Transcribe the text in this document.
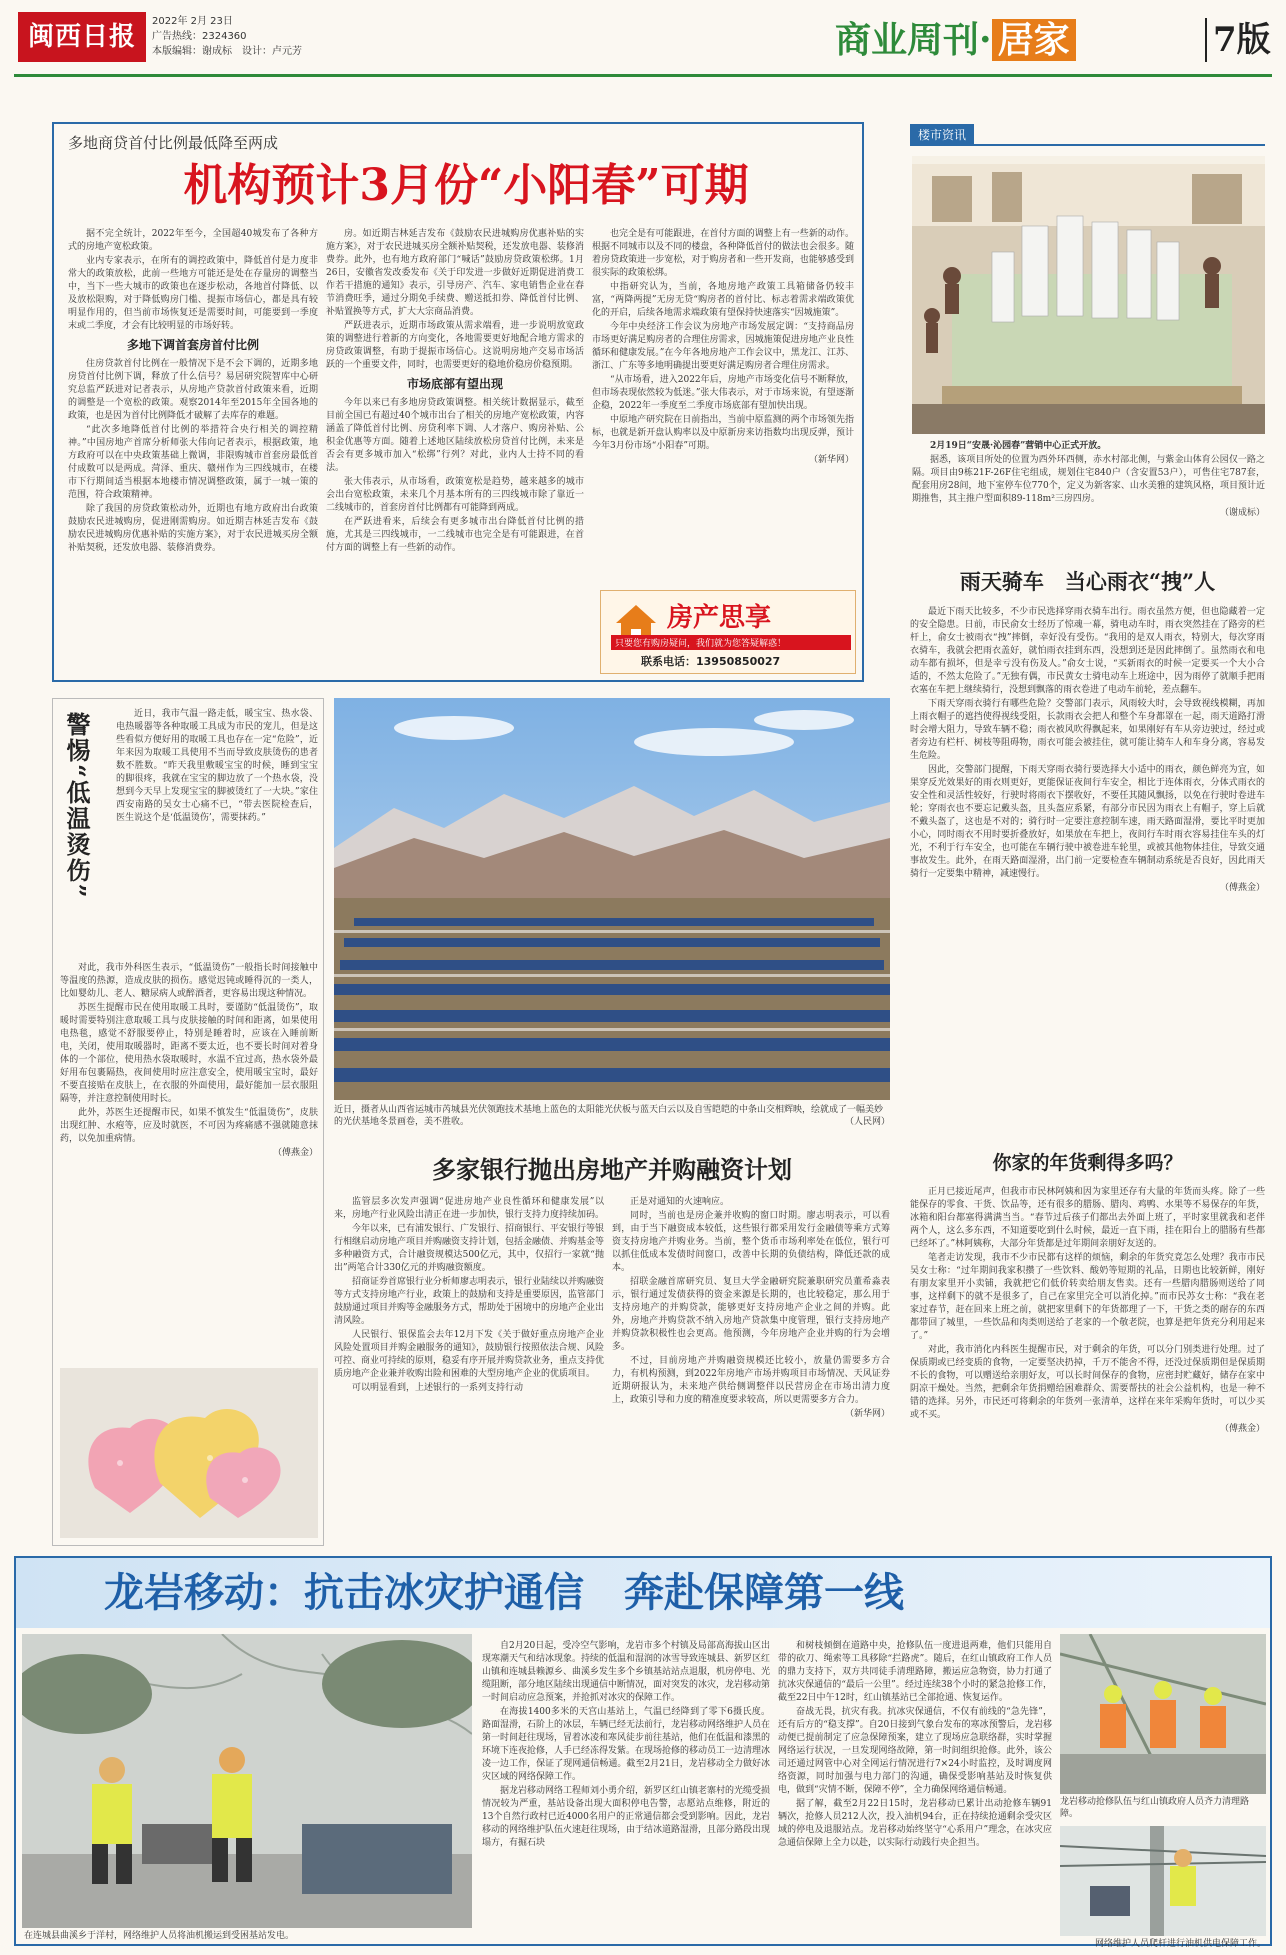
闽西日报
2022年 2月 23日
广告热线：2324360
本版编辑：谢成标　设计：卢元芳	商业周刊· 居家	7版
多地商贷首付比例最低降至两成
机构预计3月份“小阳春”可期

据不完全统计，2022年至今，全国超40城发布了各种方式的房地产宽松政策。

业内专家表示，在所有的调控政策中，降低首付是力度非常大的政策放松，此前一些地方可能还是处在存量房的调整当中，当下一些大城市的政策也在逐步松动，各地首付降低、以及放松限购，对于降低购房门槛、提振市场信心，都是具有较明显作用的，但当前市场恢复还是需要时间，可能要到一季度末或二季度，才会有比较明显的市场好转。

多地下调首套房首付比例

住房贷款首付比例在一般情况下是不会下调的，近期多地房贷首付比例下调，释放了什么信号？易居研究院智库中心研究总监严跃进对记者表示，从房地产贷款首付政策来看，近期的调整是一个宽松的政策。观察2014年至2015年全国各地的政策，也是因为首付比例降低才破解了去库存的难题。

“此次多地降低首付比例的举措符合央行相关的调控精神。”中国房地产首席分析师张大伟向记者表示，根据政策，地方政府可以在中央政策基础上微调，非限购城市首套房最低首付成数可以是两成。菏泽、重庆、赣州作为三四线城市，在楼市下行期间适当根据本地楼市情况调整政策，属于一城一策的范围，符合政策精神。

除了我国的房贷政策松动外，近期也有地方政府出台政策鼓励农民进城购房，促进刚需购房。如近期吉林延吉发布《鼓励农民进城购房优惠补贴的实施方案》，对于农民进城买房全额补贴契税，还发放电器、装修消费券。

房。如近期吉林延吉发布《鼓励农民进城购房优惠补贴的实施方案》，对于农民进城买房全额补贴契税，还发放电器、装修消费券。此外，也有地方政府部门“喊话”鼓励房贷政策松绑。1月26日，安徽省发改委发布《关于印发进一步做好近期促进消费工作若干措施的通知》表示，引导房产、汽车、家电销售企业在春节消费旺季，通过分期免手续费、赠送抵扣券、降低首付比例、补贴置换等方式，扩大大宗商品消费。

严跃进表示，近期市场政策从需求端看，进一步说明放宽政策的调整进行着新的方向变化，各地需要更好地配合地方需求的房贷政策调整，有助于提振市场信心。这说明房地产交易市场活跃的一个重要文件，同时，也需要更好的稳地价稳房价稳预期。

市场底部有望出现

今年以来已有多地房贷政策调整。相关统计数据显示，截至目前全国已有超过40个城市出台了相关的房地产宽松政策，内容涵盖了降低首付比例、房贷利率下调、人才落户、购房补贴、公积金优惠等方面。随着上述地区陆续放松房贷首付比例，未来是否会有更多城市加入“松绑”行列？对此，业内人士持不同的看法。

张大伟表示，从市场看，政策宽松是趋势，越来越多的城市会出台宽松政策，未来几个月基本所有的三四线城市除了靠近一二线城市的，首套房首付比例都有可能降到两成。

在严跃进看来，后续会有更多城市出台降低首付比例的措施，尤其是三四线城市，一二线城市也完全是有可能跟进，在首付方面的调整上有一些新的动作。

也完全是有可能跟进，在首付方面的调整上有一些新的动作。根据不同城市以及不同的楼盘，各种降低首付的做法也会很多。随着房贷政策进一步宽松，对于购房者和一些开发商，也能够感受到很实际的政策松绑。

中指研究认为，当前，各地房地产政策工具箱储备仍较丰富，“两降两提”无房无贷“购房者的首付比、标志着需求端政策优化的开启，后续各地需求端政策有望保持快速落实“因城施策”。

今年中央经济工作会议为房地产市场发展定调：“支持商品房市场更好满足购房者的合理住房需求，因城施策促进房地产业良性循环和健康发展。”在今年各地房地产工作会议中，黑龙江、江苏、浙江、广东等多地明确提出要更好满足购房者合理住房需求。

“从市场看，进入2022年后，房地产市场变化信号不断释放，但市场表现依然较为低迷。”张大伟表示，对于市场来说，有望逐渐企稳，2022年一季度至二季度市场底部有望加快出现。

中原地产研究院在日前指出，当前中原监测的两个市场领先指标，也就是新开盘认购率以及中原新房来访指数均出现反弹，预计今年3月份市场“小阳春”可期。

（新华网）
房产思享
只要您有购房疑问，我们就为您答疑解惑！
联系电话：13950850027
楼市资讯

2月19日“安晟·沁园春”营销中心正式开放。

据悉，该项目所处的位置为西外环西侧，赤水村部北侧，与紫金山体育公园仅一路之隔。项目由9栋21F-26F住宅组成，规划住宅840户（含安置53户），可售住宅787套，配套用房28间，地下室停车位770个，定义为新客家、山水美雅的建筑风格，项目预计近期推售，其主推户型面积89-118m²三房四房。

（谢成标）
雨天骑车　当心雨衣“拽”人

最近下雨天比较多，不少市民选择穿雨衣骑车出行。雨衣虽然方便，但也隐藏着一定的安全隐患。日前，市民俞女士经历了惊魂一幕，骑电动车时，雨衣突然挂在了路旁的栏杆上，俞女士被雨衣“拽”摔倒，幸好没有受伤。“我用的是双人雨衣，特别大，每次穿雨衣骑车，我就会把雨衣盖好，就怕雨衣挂到东西，没想到还是因此摔倒了。虽然雨衣和电动车都有损坏，但是幸亏没有伤及人。”俞女士说，“买新雨衣的时候一定要买一个大小合适的，不然太危险了。”无独有偶，市民黄女士骑电动车上班途中，因为雨停了就顺手把雨衣塞在车把上继续骑行，没想到飘落的雨衣卷进了电动车前轮，差点翻车。

下雨天穿雨衣骑行有哪些危险？交警部门表示，风雨较大时，会导致视线模糊，再加上雨衣帽子的遮挡使得视线受阻，长款雨衣会把人和整个车身都罩在一起，雨天道路打滑时会增大阻力，导致车辆不稳；雨衣被风吹得飘起来，如果刚好有车从旁边驶过，经过或者旁边有栏杆、树枝等阻碍物，雨衣可能会被挂住，就可能让骑车人和车身分离，容易发生危险。

因此，交警部门提醒，下雨天穿雨衣骑行要选择大小适中的雨衣，颜色鲜亮为宜，如果穿反光效果好的雨衣则更好，更能保证夜间行车安全，相比于连体雨衣，分体式雨衣的安全性和灵活性较好，行驶时将雨衣下摆收好，不要任其随风飘扬，以免在行驶时卷进车轮；穿雨衣也不要忘记戴头盔，且头盔应系紧，有部分市民因为雨衣上有帽子，穿上后就不戴头盔了，这也是不对的；骑行时一定要注意控制车速，雨天路面湿滑，要比平时更加小心，同时雨衣不用时要折叠放好，如果放在车把上，夜间行车时雨衣容易挂住车头的灯光，不利于行车安全，也可能在车辆行驶中被卷进车轮里，或被其他物体挂住，导致交通事故发生。此外，在雨天路面湿滑，出门前一定要检查车辆制动系统是否良好，因此雨天骑行一定要集中精神，减速慢行。

（傅燕金）
你家的年货剩得多吗？

正月已接近尾声，但我市市民林阿姨和因为家里还存有大量的年货而头疼。除了一些能保存的零食、干货、饮品等，还有很多的腊肠、腊肉、鸡鸭、水果等不易保存的年货，冰箱和阳台都塞得满满当当。“春节过后孩子们都出去外面上班了，平时家里就我和老伴两个人，这么多东西，不知道要吃到什么时候，最近一直下雨，挂在阳台上的腊肠有些都已经坏了。”林阿姨称，大部分年货都是过年期间亲朋好友送的。

笔者走访发现，我市不少市民都有这样的烦恼，剩余的年货究竟怎么处理？我市市民吴女士称：“过年期间我家积攒了一些饮料、酸奶等短期的礼品，日期也比较新鲜，刚好有朋友家里开小卖铺，我就把它们低价转卖给朋友售卖。还有一些腊肉腊肠则送给了同事，这样剩下的就不是很多了，自己在家里完全可以消化掉。”而市民苏女士称：“我在老家过春节，赶在回来上班之前，就把家里剩下的年货都理了一下，干货之类的耐存的东西都带回了城里，一些饮品和肉类则送给了老家的一个敬老院，也算是把年货充分利用起来了。”

对此，我市消化内科医生提醒市民，对于剩余的年货，可以分门别类进行处理。过了保质期或已经变质的食物，一定要坚决扔掉，千万不能舍不得，还没过保质期但是保质期不长的食物，可以赠送给亲朋好友，可以长时间保存的食物，应密封贮藏好，储存在家中阴凉干燥处。当然，把剩余年货捐赠给困难群众、需要帮扶的社会公益机构，也是一种不错的选择。另外，市民还可将剩余的年货列一张清单，这样在来年采购年货时，可以少买或不买。

（傅燕金）
警惕“低温烫伤”	近日，我市气温一路走低，暖宝宝、热水袋、电热暖器等各种取暖工具成为市民的宠儿，但是这些看似方便好用的取暖工具也存在一定“危险”，近年来因为取暖工具使用不当而导致皮肤烫伤的患者数不胜数。“昨天我里敷暖宝宝的时候，睡到宝宝的脚很疼，我就在宝宝的脚边放了一个热水袋，没想到今天早上发现宝宝的脚被烫红了一大块。”家住西安南路的吴女士心痛不已，“带去医院检查后，医生说这个是‘低温烫伤’，需要抹药。”

对此，我市外科医生表示，“低温烫伤”一般指长时间接触中等温度的热源，造成皮肤的损伤。感觉迟钝或睡得沉的一类人，比如婴幼儿、老人、糖尿病人或醉酒者，更容易出现这种情况。

苏医生提醒市民在使用取暖工具时，要谨防“低温烫伤”，取暖时需要特别注意取暖工具与皮肤接触的时间和距离，如果使用电热毯，感觉不舒服要停止，特别是睡着时，应该在入睡前断电，关闭，使用取暖器时，距离不要太近，也不要长时间对着身体的一个部位，使用热水袋取暖时，水温不宜过高，热水袋外最好用布包裹隔热，夜间使用时应注意安全，使用暖宝宝时，最好不要直接贴在皮肤上，在衣服的外面使用，最好能加一层衣服阻隔等，并注意控制使用时长。

此外，苏医生还提醒市民，如果不慎发生“低温烫伤”，皮肤出现红肿、水疱等，应及时就医，不可因为疼痛感不强就随意抹药，以免加重病情。

（傅燕金）
近日，摄者从山西省运城市芮城县光伏领跑技术基地上蓝色的太阳能光伏板与蓝天白云以及自雪皑皑的中条山交相辉映，绘就成了一幅美妙的光伏基地冬景画卷，美不胜收。	（人民网）
多家银行抛出房地产并购融资计划

监管层多次发声强调“促进房地产业良性循环和健康发展”以来，房地产行业风险出清正在进一步加快，银行支持力度持续加码。

今年以来，已有浦发银行、广发银行、招商银行、平安银行等银行相继启动房地产项目并购融资支持计划，包括金融债、并购基金等多种融资方式，合计融资规模达500亿元，其中，仅招行一家就“抛出”两笔合计330亿元的并购融资额度。

招商证券首席银行业分析师廖志明表示，银行业陆续以并购融资等方式支持房地产行业，政策上的鼓励和支持是重要原因，监管部门鼓励通过项目并购等金融服务方式，帮助处于困境中的房地产企业出清风险。

人民银行、银保监会去年12月下发《关于做好重点房地产企业风险处置项目并购金融服务的通知》，鼓励银行按照依法合规、风险可控、商业可持续的原则，稳妥有序开展并购贷款业务，重点支持优质房地产企业兼并收购出险和困难的大型房地产企业的优质项目。

可以明显看到，上述银行的一系列支持行动

正是对通知的火速响应。

同时，当前也是房企兼并收购的窗口时期。廖志明表示，可以看到，由于当下融资成本较低，这些银行都采用发行金融债等乘方式筹资支持房地产并购业务。当前，整个货币市场利率处在低位，银行可以抓住低成本发债时间窗口，改善中长期的负债结构，降低还款的成本。

招联金融首席研究员、复旦大学金融研究院兼职研究员董希淼表示，银行通过发债获得的资金来源是长期的，也比较稳定，那么用于支持房地产的并购贷款，能够更好支持房地产企业之间的并购。此外，房地产并购贷款不纳入房地产贷款集中度管理，银行支持房地产并购贷款积极性也会更高。他预测，今年房地产企业并购的行为会增多。

不过，目前房地产并购融资规模还比较小，放量仍需要多方合力，有机构预测，到2022年房地产市场并购项目市场情况、天风证券近期研报认为，未来地产供给侧调整伴以民营房企在市场出清力度上，政策引导和力度的精准度要求较高，所以更需要多方合力。

（新华网）
龙岩移动：抗击冰灾护通信　奔赴保障第一线
在连城县曲溪乡于洋村，网络维护人员将油机搬运到受困基站发电。

自2月20日起，受冷空气影响，龙岩市多个村镇及局部高海拔山区出现寒潮天气和结冰现象。持续的低温和湿润的冰雪导致连城县、新罗区红山镇和连城县赖源乡、曲溪乡发生多个乡镇基站站点退服，机房停电、光缆阻断，部分地区陆续出现通信中断情况，面对突发的冰灾，龙岩移动第一时间启动应急预案，并抢抓对冰灾的保障工作。

在海拔1400多米的天宫山基站上，气温已经降到了零下6摄氏度。路面湿滑，石阶上的冰层，车辆已经无法前行，龙岩移动网络维护人员在第一时间赶往现场，冒着冰凌和寒风徒步前往基站，他们在低温和漆黑的环境下连夜抢修，人手已经冻得发紫。在现场抢修的移动员工一边清理冰凌一边工作，保证了现网通信畅通。截至2月21日，龙岩移动全力做好冰灾区域的网络保障工作。

据龙岩移动网络工程师刘小勇介绍，新罗区红山镇老寨村的光缆受损情况较为严重，基站设备出现大面积停电告警，志愿站点维修，附近的13个自然行政村已近4000名用户的正常通信都会受到影响。因此，龙岩移动的网络维护队伍火速赶往现场，由于结冰道路湿滑，且部分路段出现塌方，有掘石块

和树枝倾倒在道路中央，抢修队伍一度进退两难，他们只能用自带的砍刀、绳索等工具移除“拦路虎”。随后，在红山镇政府工作人员的鼎力支持下，双方共同徒手清理路障，搬运应急物资，协力打通了抗冰灾保通信的“最后一公里”。经过连续38个小时的紧急抢修工作，截至22日中午12时，红山镇基站已全部抢通、恢复运作。

奋战无畏，抗灾有我。抗冰灾保通信，不仅有前线的“急先锋”，还有后方的“稳支撑”。自20日接到气象台发布的寒冰预警后，龙岩移动便已提前制定了应急保障预案，建立了现场应急联络群，实时掌握网络运行状况，一旦发现网络故障，第一时间组织抢修。此外，该公司还通过网管中心对全网运行情况进行7×24小时监控，及时调度网络资源，同时加强与电力部门的沟通，确保受影响基站及时恢复供电，做到“灾情不断，保障不停”，全力确保网络通信畅通。

据了解，截至2月22日15时，龙岩移动已累计出动抢修车辆91辆次，抢修人员212人次，投入油机94台，正在持续抢通剩余受灾区域的停电及退服站点。龙岩移动始终坚守“心系用户”理念，在冰灾应急通信保障上全力以赴，以实际行动践行央企担当。

龙岩移动抢修队伍与红山镇政府人员齐力清理路障。
网络维护人员爬杆进行油机供电保障工作。
